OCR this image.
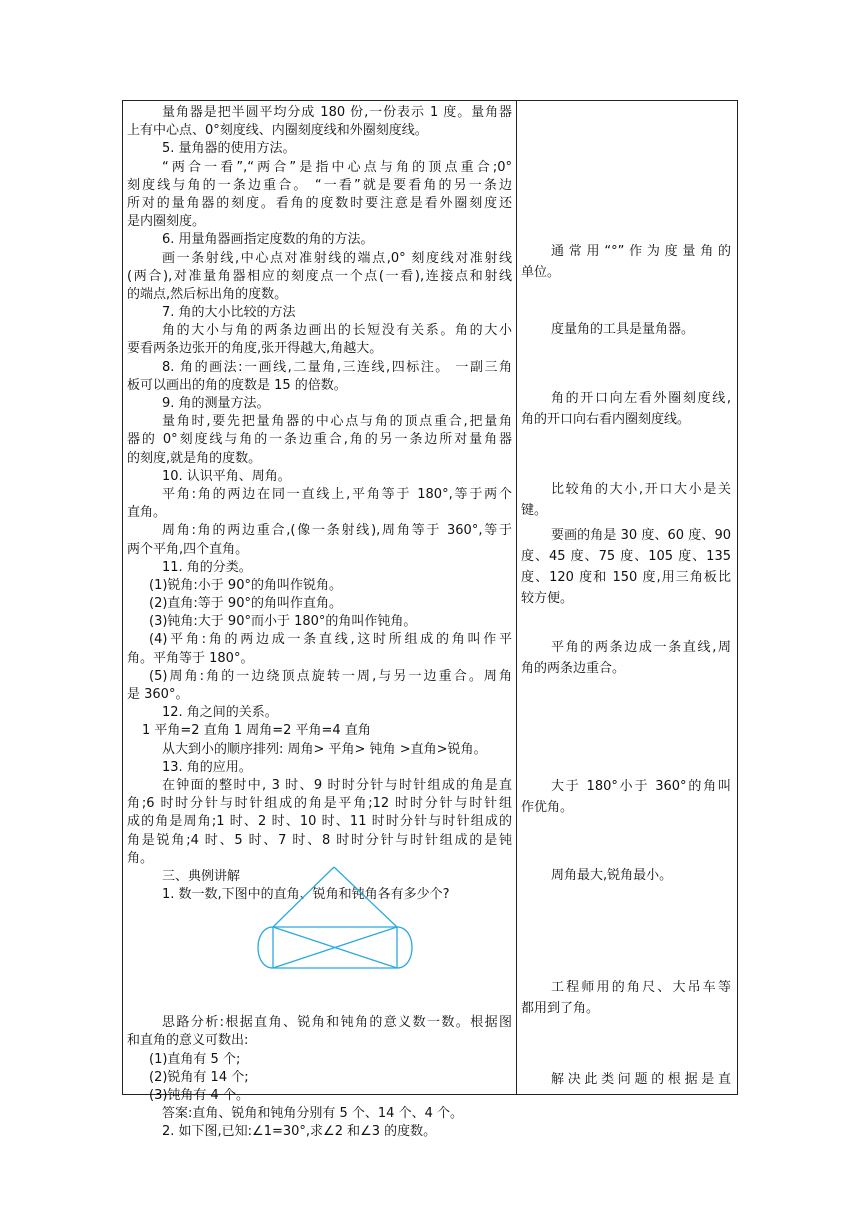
量角器是把半圆平均分成 180 份,一份表示 1 度。量角器
上有中心点、0°刻度线、内圈刻度线和外圈刻度线。
5. 量角器的使用方法。
“两合一看”,“两合”是指中心点与角的顶点重合;0°
刻度线与角的一条边重合。 “一看”就是要看角的另一条边
所对的量角器的刻度。看角的度数时要注意是看外圈刻度还
是内圈刻度。
6. 用量角器画指定度数的角的方法。
画一条射线,中心点对准射线的端点,0° 刻度线对准射线
(两合),对准量角器相应的刻度点一个点(一看),连接点和射线
的端点,然后标出角的度数。
7. 角的大小比较的方法
角的大小与角的两条边画出的长短没有关系。角的大小
要看两条边张开的角度,张开得越大,角越大。
8. 角的画法:一画线,二量角,三连线,四标注。 一副三角
板可以画出的角的度数是 15 的倍数。
9. 角的测量方法。
量角时,要先把量角器的中心点与角的顶点重合,把量角
器的 0°刻度线与角的一条边重合,角的另一条边所对量角器
的刻度,就是角的度数。
10. 认识平角、周角。
平角:角的两边在同一直线上,平角等于 180°,等于两个
直角。
周角:角的两边重合,(像一条射线),周角等于 360°,等于
两个平角,四个直角。
11. 角的分类。
(1)锐角:小于 90°的角叫作锐角。
(2)直角:等于 90°的角叫作直角。
(3)钝角:大于 90°而小于 180°的角叫作钝角。
(4)平角:角的两边成一条直线,这时所组成的角叫作平
角。平角等于 180°。
(5)周角:角的一边绕顶点旋转一周,与另一边重合。周角
是 360°。
12. 角之间的关系。
1 平角=2 直角 1 周角=2 平角=4 直角
从大到小的顺序排列: 周角> 平角> 钝角 >直角>锐角。
13. 角的应用。
在钟面的整时中, 3 时、9 时时分针与时针组成的角是直
角;6 时时分针与时针组成的角是平角;12 时时分针与时针组
成的角是周角;1 时、2 时、10 时、11 时时分针与时针组成的
角是锐角;4 时、5 时、7 时、8 时时分针与时针组成的是钝
角。
三、典例讲解
1. 数一数,下图中的直角、锐角和钝角各有多少个?
思路分析:根据直角、锐角和钝角的意义数一数。根据图
和直角的意义可数出:
(1)直角有 5 个;
(2)锐角有 14 个;
(3)钝角有 4 个。
答案:直角、锐角和钝角分别有 5 个、14 个、4 个。
2. 如下图,已知:∠1=30°,求∠2 和∠3 的度数。
通常用“°”作为度量角的
单位。
度量角的工具是量角器。
角的开口向左看外圈刻度线,
角的开口向右看内圈刻度线。
比较角的大小,开口大小是关
键。
要画的角是 30 度、60 度、90
度、45 度、75 度、105 度、135
度、120 度和 150 度,用三角板比
较方便。
平角的两条边成一条直线,周
角的两条边重合。
大于 180°小于 360°的角叫
作优角。
周角最大,锐角最小。
工程师用的角尺、大吊车等
都用到了角。
解决此类问题的根据是直
